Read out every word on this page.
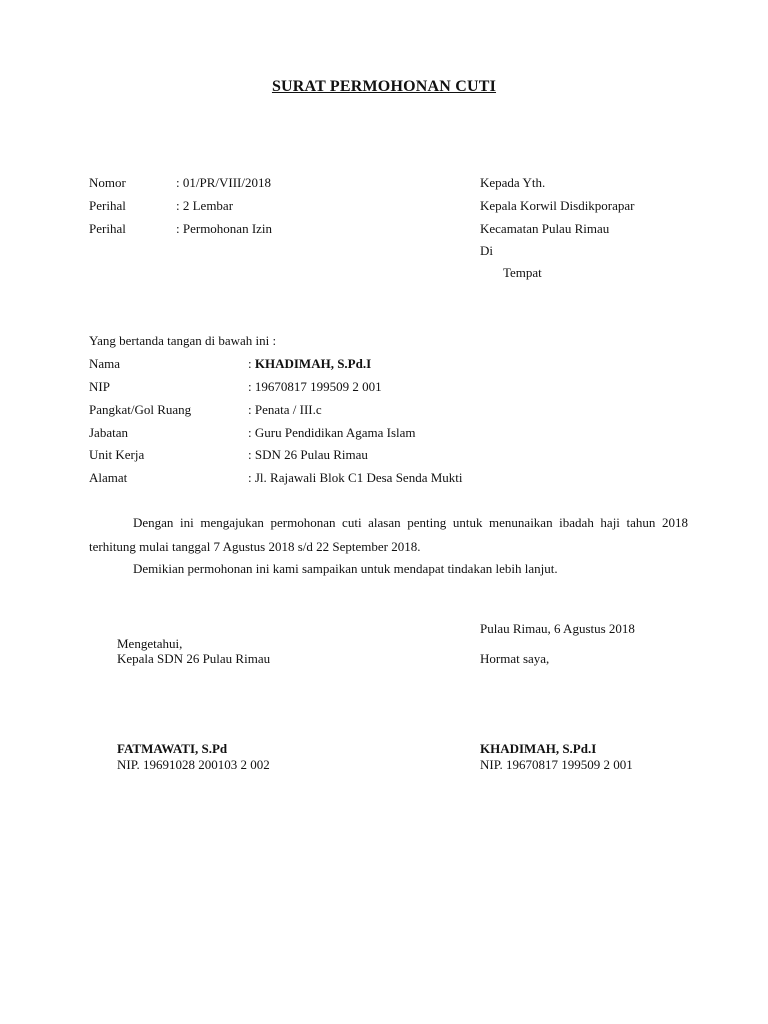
SURAT PERMOHONAN CUTI
Nomor	: 01/PR/VIII/2018
Perihal	: 2 Lembar
Perihal	: Permohonan Izin
Kepada Yth.
Kepala Korwil Disdikporapar
Kecamatan Pulau Rimau
Di
Tempat
Yang bertanda tangan di bawah ini :
Nama	: KHADIMAH, S.Pd.I
NIP	: 19670817 199509 2 001
Pangkat/Gol Ruang	: Penata / III.c
Jabatan	: Guru Pendidikan Agama Islam
Unit Kerja	: SDN 26 Pulau Rimau
Alamat	: Jl. Rajawali Blok C1 Desa Senda Mukti
Dengan ini mengajukan permohonan cuti alasan penting untuk menunaikan ibadah haji tahun 2018 terhitung mulai tanggal 7 Agustus 2018 s/d 22 September 2018.
Demikian permohonan ini kami sampaikan untuk mendapat tindakan lebih lanjut.
Pulau Rimau, 6 Agustus 2018
Mengetahui,
Kepala SDN 26 Pulau Rimau
FATMAWATI, S.Pd
NIP. 19691028 200103 2 002
Hormat saya,
KHADIMAH, S.Pd.I
NIP. 19670817 199509 2 001
